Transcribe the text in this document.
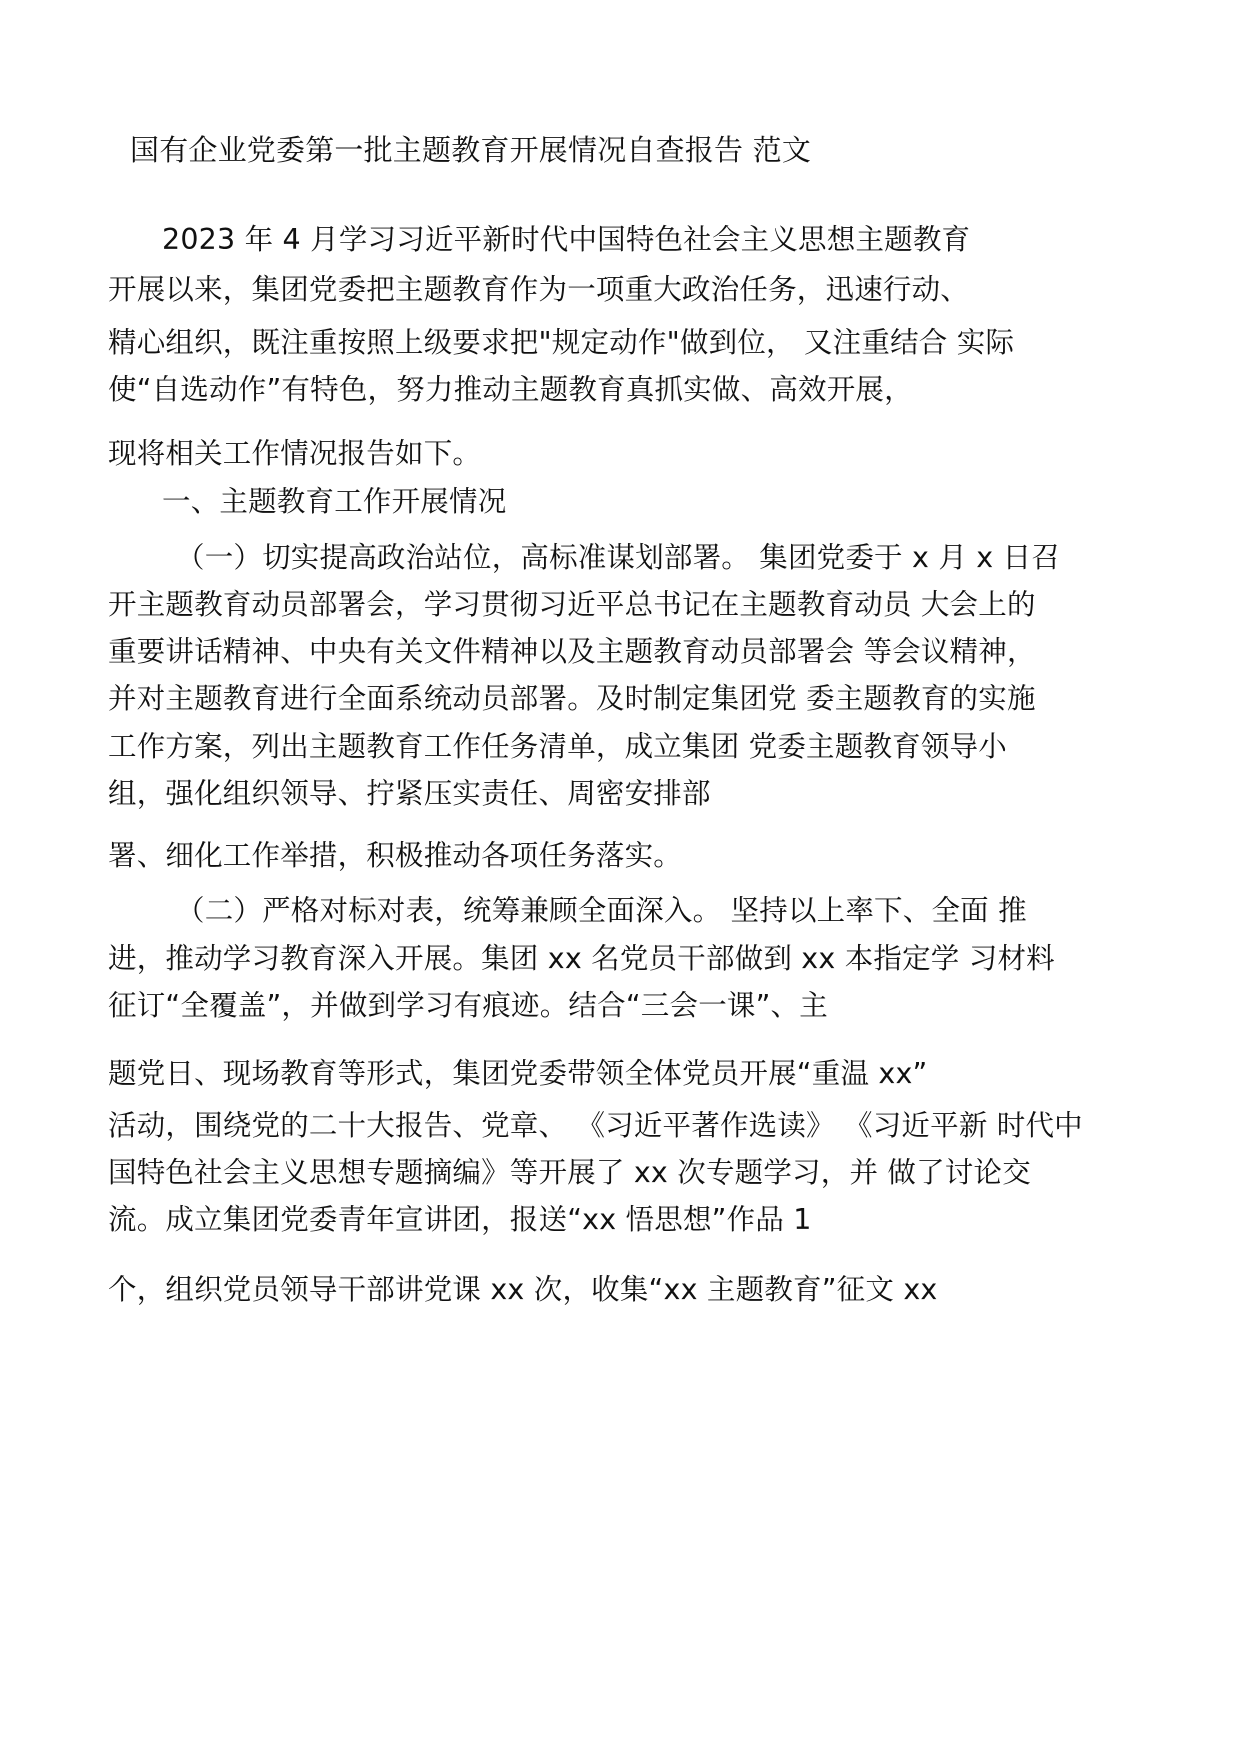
国有企业党委第一批主题教育开展情况自查报告 范文
2023 年 4 月学习习近平新时代中国特色社会主义思想主题教育
开展以来，集团党委把主题教育作为一项重大政治任务，迅速行动、
精心组织，既注重按照上级要求把"规定动作"做到位， 又注重结合 实际
使“自选动作”有特色，努力推动主题教育真抓实做、高效开展，
现将相关工作情况报告如下。
一、主题教育工作开展情况
（一）切实提高政治站位，高标准谋划部署。 集团党委于 x 月 x 日召
开主题教育动员部署会，学习贯彻习近平总书记在主题教育动员 大会上的
重要讲话精神、中央有关文件精神以及主题教育动员部署会 等会议精神，
并对主题教育进行全面系统动员部署。及时制定集团党 委主题教育的实施
工作方案，列出主题教育工作任务清单，成立集团 党委主题教育领导小
组，强化组织领导、拧紧压实责任、周密安排部
署、细化工作举措，积极推动各项任务落实。
（二）严格对标对表，统筹兼顾全面深入。 坚持以上率下、全面 推
进，推动学习教育深入开展。集团 xx 名党员干部做到 xx 本指定学 习材料
征订“全覆盖”，并做到学习有痕迹。结合“三会一课”、主
题党日、现场教育等形式，集团党委带领全体党员开展“重温 xx”
活动，围绕党的二十大报告、党章、 《习近平著作选读》 《习近平新 时代中
国特色社会主义思想专题摘编》等开展了 xx 次专题学习，并 做了讨论交
流。成立集团党委青年宣讲团，报送“xx 悟思想”作品 1
个，组织党员领导干部讲党课 xx 次，收集“xx 主题教育”征文 xx
